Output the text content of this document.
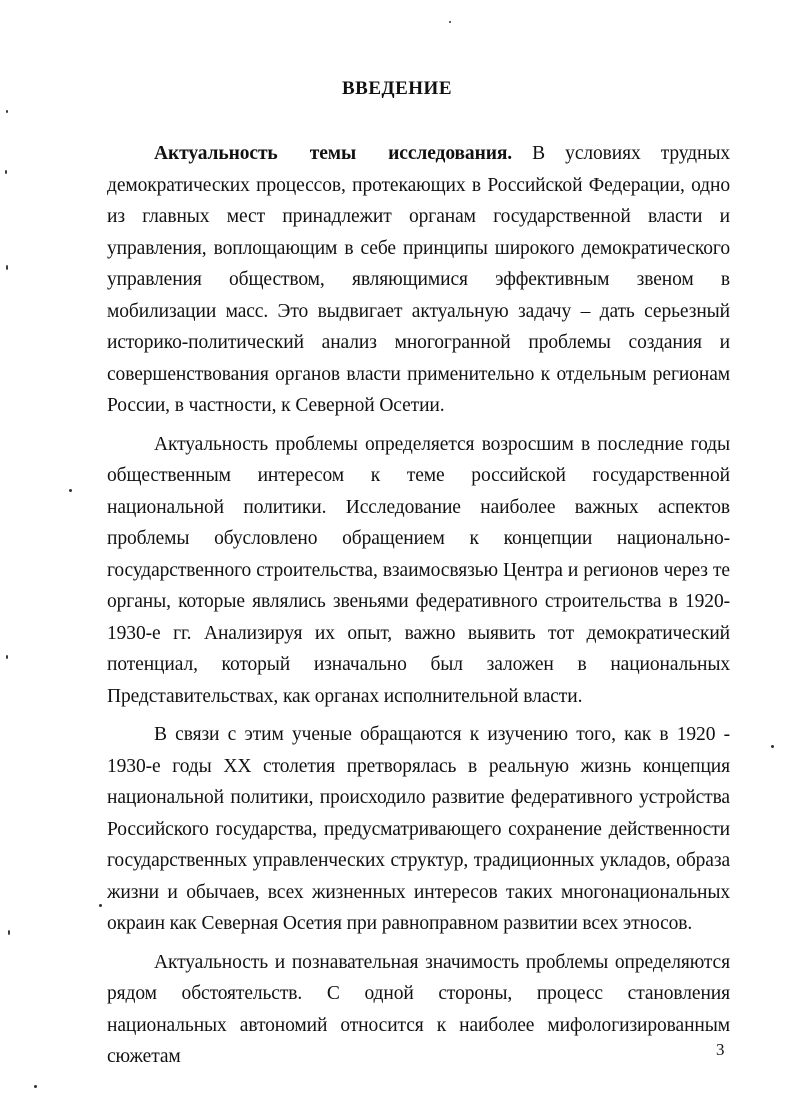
ВВЕДЕНИЕ

Актуальность темы исследования. В условиях трудных демократических процессов, протекающих в Российской Федерации, одно из главных мест принадлежит органам государственной власти и управления, воплощающим в себе принципы широкого демократического управления обществом, являющимися эффективным звеном в мобилизации масс. Это выдвигает актуальную задачу – дать серьезный историко-политический анализ многогранной проблемы создания и совершенствования органов власти применительно к отдельным регионам России, в частности, к Северной Осетии.

Актуальность проблемы определяется возросшим в последние годы общественным интересом к теме российской государственной национальной политики. Исследование наиболее важных аспектов проблемы обусловлено обращением к концепции национально-государственного строительства, взаимосвязью Центра и регионов через те органы, которые являлись звеньями федеративного строительства в 1920-1930-е гг. Анализируя их опыт, важно выявить тот демократический потенциал, который изначально был заложен в национальных Представительствах, как органах исполнительной власти.

В связи с этим ученые обращаются к изучению того, как в 1920 - 1930-е годы XX столетия претворялась в реальную жизнь концепция национальной политики, происходило развитие федеративного устройства Российского государства, предусматривающего сохранение действенности государственных управленческих структур, традиционных укладов, образа жизни и обычаев, всех жизненных интересов таких многонациональных окраин как Северная Осетия при равноправном развитии всех этносов.

Актуальность и познавательная значимость проблемы определяются рядом обстоятельств. С одной стороны, процесс становления национальных автономий относится к наиболее мифологизированным сюжетам	3
